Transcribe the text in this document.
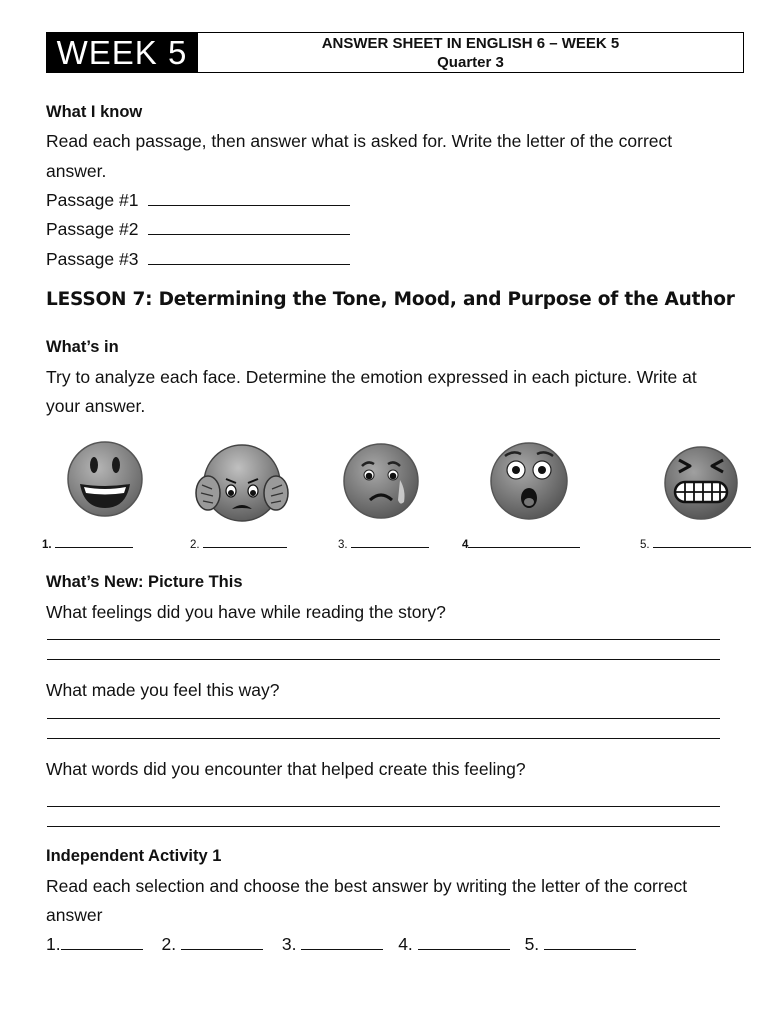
WEEK 5	ANSWER SHEET IN ENGLISH 6 – WEEK 5
Quarter 3
What I know
Read each passage, then answer what is asked for. Write the letter of the correct
answer.
Passage #1
Passage #2
Passage #3
LESSON 7: Determining the Tone, Mood, and Purpose of the Author
What’s in
Try to analyze each face. Determine the emotion expressed in each picture. Write at
your answer.
1.	2.	3.	4	5.
What’s New: Picture This
What feelings did you have while reading the story?
What made you feel this way?
What words did you encounter that helped create this feeling?
Independent Activity 1
Read each selection and choose the best answer by writing the letter of the correct
answer
1.	2.	3.	4.	5.
